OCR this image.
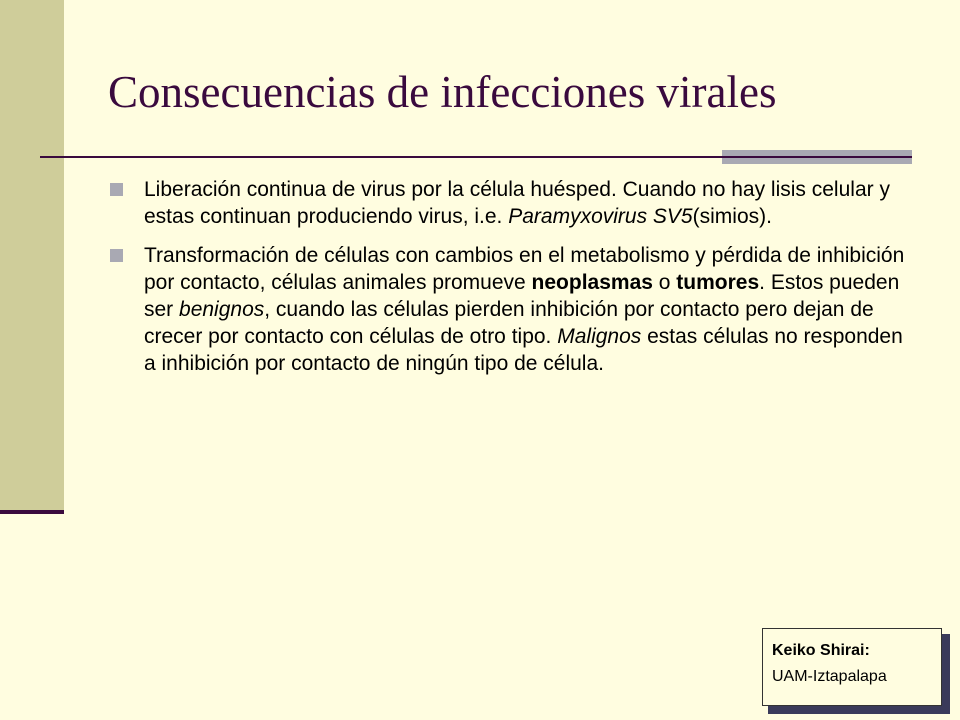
Consecuencias de infecciones virales
Liberación continua de virus por la célula huésped. Cuando no hay lisis celular y estas continuan produciendo virus, i.e. Paramyxovirus SV5(simios).
Transformación de células con cambios en el metabolismo y pérdida de inhibición por contacto, células animales promueve neoplasmas o tumores. Estos pueden ser benignos, cuando las células pierden inhibición por contacto pero dejan de crecer por contacto con células de otro tipo. Malignos estas células no responden a inhibición por contacto de ningún tipo de célula.
Keiko Shirai:
UAM-Iztapalapa
